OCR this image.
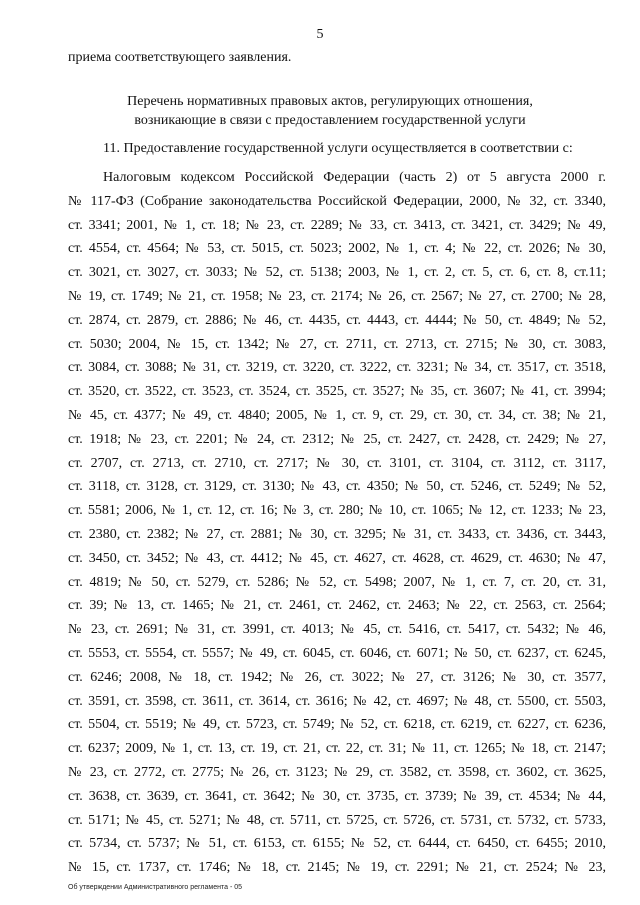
5
приема соответствующего заявления.
Перечень нормативных правовых актов, регулирующих отношения,
возникающие в связи с предоставлением государственной услуги
11. Предоставление государственной услуги осуществляется в соответствии с:
Налоговым кодексом Российской Федерации (часть 2) от 5 августа 2000 г.
№ 117-ФЗ (Собрание законодательства Российской Федерации, 2000, № 32, ст. 3340,
ст. 3341; 2001, № 1, ст. 18; № 23, ст. 2289; № 33, ст. 3413, ст. 3421, ст. 3429; № 49,
ст. 4554, ст. 4564; № 53, ст. 5015, ст. 5023; 2002, № 1, ст. 4; № 22, ст. 2026; № 30,
ст. 3021, ст. 3027, ст. 3033; № 52, ст. 5138; 2003, № 1, ст. 2, ст. 5, ст. 6, ст. 8, ст.11;
№ 19, ст. 1749; № 21, ст. 1958; № 23, ст. 2174; № 26, ст. 2567; № 27, ст. 2700; № 28,
ст. 2874, ст. 2879, ст. 2886; № 46, ст. 4435, ст. 4443, ст. 4444; № 50, ст. 4849; № 52,
ст. 5030; 2004, № 15, ст. 1342; № 27, ст. 2711, ст. 2713, ст. 2715; № 30, ст. 3083,
ст. 3084, ст. 3088; № 31, ст. 3219, ст. 3220, ст. 3222, ст. 3231; № 34, ст. 3517, ст. 3518,
ст. 3520, ст. 3522, ст. 3523, ст. 3524, ст. 3525, ст. 3527; № 35, ст. 3607; № 41, ст. 3994;
№ 45, ст. 4377; № 49, ст. 4840; 2005, № 1, ст. 9, ст. 29, ст. 30, ст. 34, ст. 38; № 21,
ст. 1918; № 23, ст. 2201; № 24, ст. 2312; № 25, ст. 2427, ст. 2428, ст. 2429; № 27,
ст. 2707, ст. 2713, ст. 2710, ст. 2717; № 30, ст. 3101, ст. 3104, ст. 3112, ст. 3117,
ст. 3118, ст. 3128, ст. 3129, ст. 3130; № 43, ст. 4350; № 50, ст. 5246, ст. 5249; № 52,
ст. 5581; 2006, № 1, ст. 12, ст. 16; № 3, ст. 280; № 10, ст. 1065; № 12, ст. 1233; № 23,
ст. 2380, ст. 2382; № 27, ст. 2881; № 30, ст. 3295; № 31, ст. 3433, ст. 3436, ст. 3443,
ст. 3450, ст. 3452; № 43, ст. 4412; № 45, ст. 4627, ст. 4628, ст. 4629, ст. 4630; № 47,
ст. 4819; № 50, ст. 5279, ст. 5286; № 52, ст. 5498; 2007, № 1, ст. 7, ст. 20, ст. 31,
ст. 39; № 13, ст. 1465; № 21, ст. 2461, ст. 2462, ст. 2463; № 22, ст. 2563, ст. 2564;
№ 23, ст. 2691; № 31, ст. 3991, ст. 4013; № 45, ст. 5416, ст. 5417, ст. 5432; № 46,
ст. 5553, ст. 5554, ст. 5557; № 49, ст. 6045, ст. 6046, ст. 6071; № 50, ст. 6237, ст. 6245,
ст. 6246; 2008, № 18, ст. 1942; № 26, ст. 3022; № 27, ст. 3126; № 30, ст. 3577,
ст. 3591, ст. 3598, ст. 3611, ст. 3614, ст. 3616; № 42, ст. 4697; № 48, ст. 5500, ст. 5503,
ст. 5504, ст. 5519; № 49, ст. 5723, ст. 5749; № 52, ст. 6218, ст. 6219, ст. 6227, ст. 6236,
ст. 6237; 2009, № 1, ст. 13, ст. 19, ст. 21, ст. 22, ст. 31; № 11, ст. 1265; № 18, ст. 2147;
№ 23, ст. 2772, ст. 2775; № 26, ст. 3123; № 29, ст. 3582, ст. 3598, ст. 3602, ст. 3625,
ст. 3638, ст. 3639, ст. 3641, ст. 3642; № 30, ст. 3735, ст. 3739; № 39, ст. 4534; № 44,
ст. 5171; № 45, ст. 5271; № 48, ст. 5711, ст. 5725, ст. 5726, ст. 5731, ст. 5732, ст. 5733,
ст. 5734, ст. 5737; № 51, ст. 6153, ст. 6155; № 52, ст. 6444, ст. 6450, ст. 6455; 2010,
№ 15, ст. 1737, ст. 1746; № 18, ст. 2145; № 19, ст. 2291; № 21, ст. 2524; № 23,
Об утверждении Административного регламента - 05
